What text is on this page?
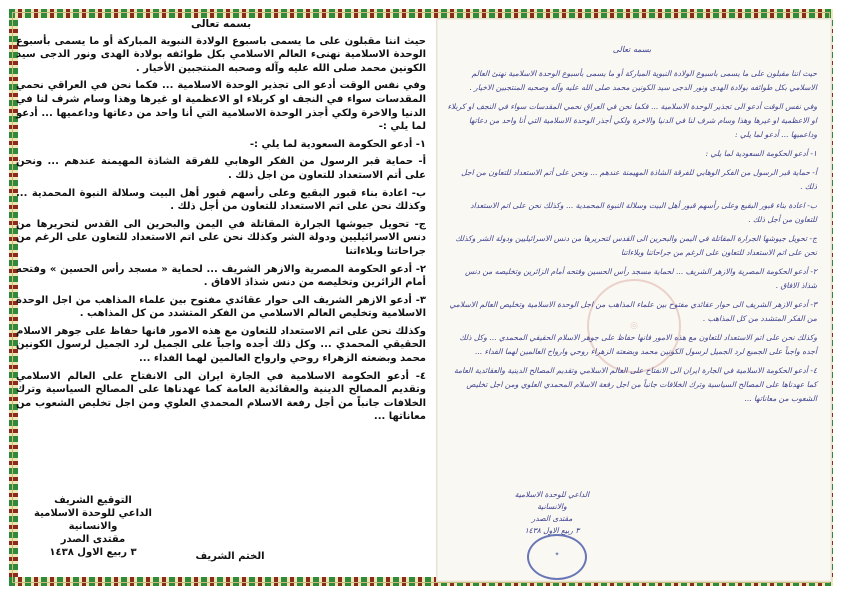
بسمه تعالى

حيث اننا مقبلون على ما يسمى باسبوع الولادة النبوية المباركة أو ما يسمى بأسبوع الوحدة الاسلامية نهنىء العالم الاسلامي بكل طوائفه بولادة الهدى ونور الدجى سيد الكونين محمد صلى الله عليه وآله وصحبه المنتجبين الأخيار .

وفي نفس الوقت أدعو الى تجذير الوحدة الاسلامية ... فكما نحن في العراقي نحمي المقدسات سواء في النجف او كربلاء او الاعظمية او غيرها وهذا وسام شرف لنا في الدنيا والاخرة ولكي أجذر الوحدة الاسلامية التي أنا واحد من دعاتها وداعميها ... أدعو لما يلي :-

١- أدعو الحكومة السعودية لما يلي :-

أ- حماية قبر الرسول من الفكر الوهابي للفرقة الشاذة المهيمنة عندهم ... ونحن على أتم الاستعداد للتعاون من اجل ذلك .

ب- اعادة بناء قبور البقيع وعلى رأسهم قبور أهل البيت وسلالة النبوة المحمدية ... وكذلك نحن على اتم الاستعداد للتعاون من أجل ذلك .

ج- تحويل جيوشها الجرارة المقاتلة في اليمن والبحرين الى القدس لتحريرها من دنس الاسرائيليين ودولة الشر وكذلك نحن على اتم الاستعداد للتعاون على الرغم من جراحاتنا وبلاءاتنا

٢- أدعو الحكومة المصرية والازهر الشريف ... لحماية « مسجد رأس الحسين » وفتحه أمام الزائرين وتخليصه من دنس شذاذ الافاق .

٣- أدعو الازهر الشريف الى حوار عقائدي مفتوح بين علماء المذاهب من اجل الوحدة الاسلامية وتخليص العالم الاسلامي من الفكر المتشدد من كل المذاهب .

وكذلك نحن على اتم الاستعداد للتعاون مع هذه الامور فانها حفاظ على جوهر الاسلام الحقيقي المحمدي ... وكل ذلك أجده واجباً على الجميل لرد الجميل لرسول الكونين محمد وبضعته الزهراء روحي وارواح العالمين لهما الفداء ...

٤- أدعو الحكومة الاسلامية في الجارة ايران الى الانفتاح على العالم الاسلامي وتقديم المصالح الدينية والعقائدية العامة كما عهدناها على المصالح السياسية وترك الخلافات جانباً من أجل رفعة الاسلام المحمدي العلوي ومن اجل تخليص الشعوب من معاناتها ...

التوقيع الشريف
الداعي للوحدة الاسلامية
والانسانية
مقتدى الصدر
٣ ربيع الاول ١٤٣٨	الختم الشريف
◎
بسمه تعالى

حيث اننا مقبلون على ما يسمى باسبوع الولادة النبوية المباركة أو ما يسمى بأسبوع الوحدة الاسلامية نهنئ العالم الاسلامي بكل طوائفه بولادة الهدى ونور الدجى سيد الكونين محمد صلى الله عليه وآله وصحبه المنتجبين الاخيار .

وفي نفس الوقت أدعو الى تجذير الوحدة الاسلامية ... فكما نحن في العراق نحمي المقدسات سواء في النجف او كربلاء او الاعظمية او غيرها وهذا وسام شرف لنا في الدنيا والاخرة ولكي أجذر الوحدة الاسلامية التي أنا واحد من دعاتها وداعميها ... أدعو لما يلي :

١- أدعو الحكومة السعودية لما يلي :

أ- حماية قبر الرسول من الفكر الوهابي للفرقة الشاذة المهيمنة عندهم ... ونحن على أتم الاستعداد للتعاون من اجل ذلك .

ب- اعادة بناء قبور البقيع وعلى رأسهم قبور أهل البيت وسلالة النبوة المحمدية ... وكذلك نحن على اتم الاستعداد للتعاون من أجل ذلك .

ج- تحويل جيوشها الجرارة المقاتلة في اليمن والبحرين الى القدس لتحريرها من دنس الاسرائيليين ودولة الشر وكذلك نحن على اتم الاستعداد للتعاون على الرغم من جراحاتنا وبلاءاتنا

٢- أدعو الحكومة المصرية والازهر الشريف ... لحماية مسجد رأس الحسين وفتحه أمام الزائرين وتخليصه من دنس شذاذ الافاق .

٣- أدعو الازهر الشريف الى حوار عقائدي مفتوح بين علماء المذاهب من اجل الوحدة الاسلامية وتخليص العالم الاسلامي من الفكر المتشدد من كل المذاهب .

وكذلك نحن على اتم الاستعداد للتعاون مع هذه الامور فانها حفاظ على جوهر الاسلام الحقيقي المحمدي ... وكل ذلك أجده واجباً على الجميع لرد الجميل لرسول الكونين محمد وبضعته الزهراء روحي وارواح العالمين لهما الفداء ...

٤- أدعو الحكومة الاسلامية في الجارة ايران الى الانفتاح على العالم الاسلامي وتقديم المصالح الدينية والعقائدية العامة كما عهدناها على المصالح السياسية وترك الخلافات جانباً من اجل رفعة الاسلام المحمدي العلوي ومن اجل تخليص الشعوب من معاناتها ...

الداعي للوحدة الاسلامية
والانسانية
مقتدى الصدر
٣ ربيع الاول ١٤٣٨
✦
